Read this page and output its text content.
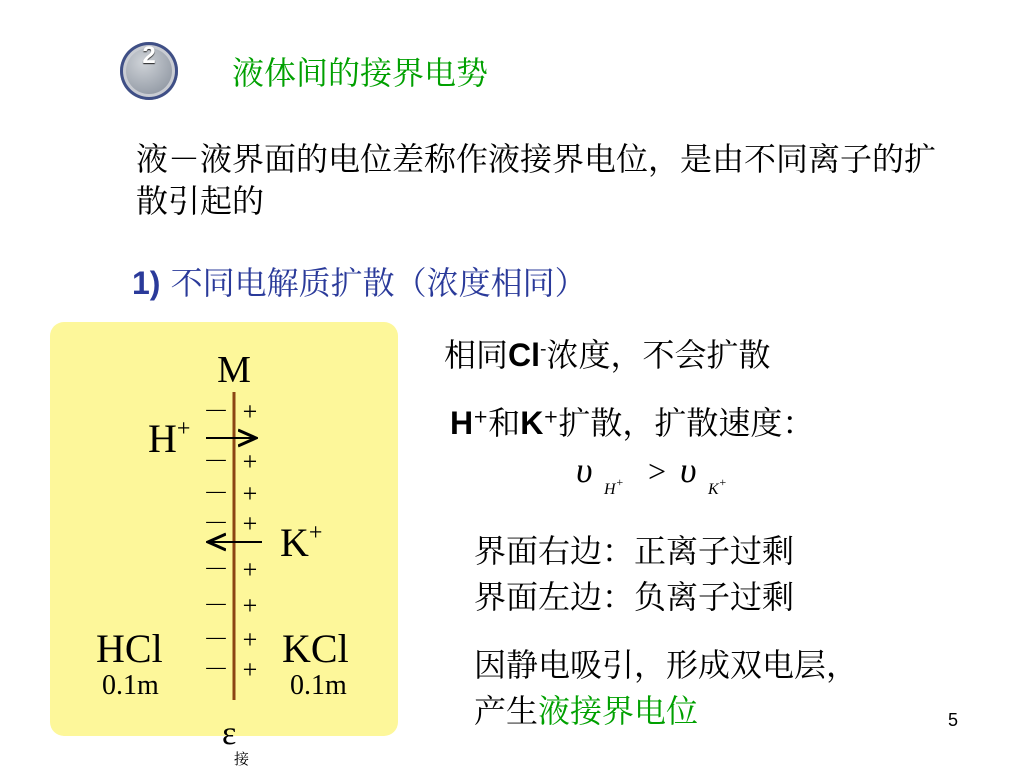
2	液体间的接界电势
液－液界面的电位差称作液接界电位，是由不同离子的扩散引起的
1) 不同电解质扩散（浓度相同）
M
－ +
－ +
－ +
－ +
－ +
－ +
－ +
－ +
H+
K+
HCl
0.1m
KCl
0.1m
ε
接
υ H+ > υ K+
相同Cl-浓度，不会扩散
H+和K+扩散，扩散速度：
界面右边：正离子过剩
界面左边：负离子过剩
因静电吸引，形成双电层，
产生液接界电位	5
